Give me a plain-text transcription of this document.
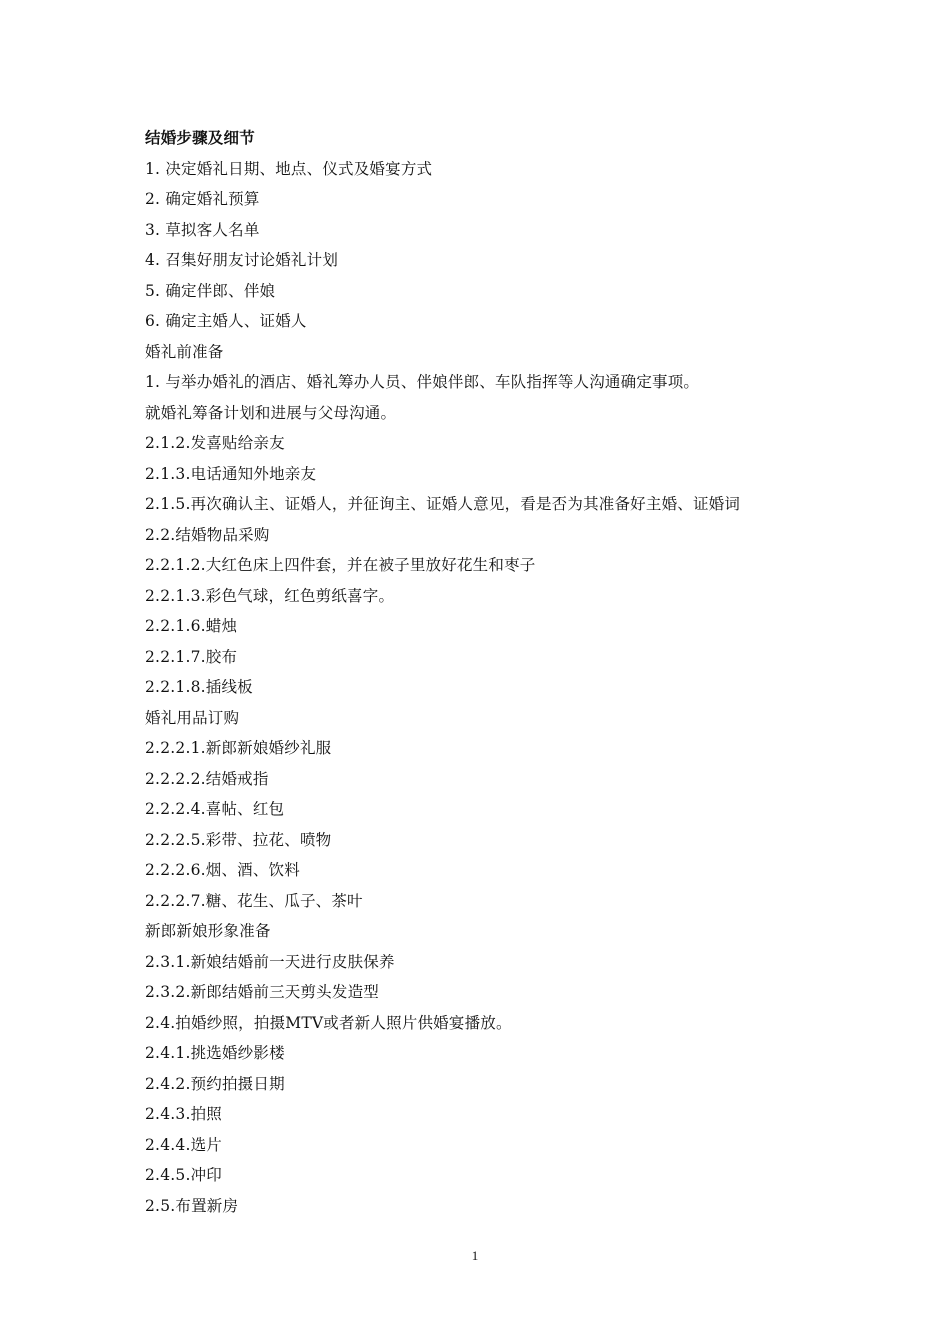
结婚步骤及细节
1. 决定婚礼日期、地点、仪式及婚宴方式
2. 确定婚礼预算
3. 草拟客人名单
4. 召集好朋友讨论婚礼计划
5. 确定伴郎、伴娘
6. 确定主婚人、证婚人
婚礼前准备
1. 与举办婚礼的酒店、婚礼筹办人员、伴娘伴郎、车队指挥等人沟通确定事项。
就婚礼筹备计划和进展与父母沟通。
2.1.2.发喜贴给亲友
2.1.3.电话通知外地亲友
2.1.5.再次确认主、证婚人，并征询主、证婚人意见，看是否为其准备好主婚、证婚词
2.2.结婚物品采购
2.2.1.2.大红色床上四件套，并在被子里放好花生和枣子
2.2.1.3.彩色气球，红色剪纸喜字。
2.2.1.6.蜡烛
2.2.1.7.胶布
2.2.1.8.插线板
婚礼用品订购
2.2.2.1.新郎新娘婚纱礼服
2.2.2.2.结婚戒指
2.2.2.4.喜帖、红包
2.2.2.5.彩带、拉花、喷物
2.2.2.6.烟、酒、饮料
2.2.2.7.糖、花生、瓜子、茶叶
新郎新娘形象准备
2.3.1.新娘结婚前一天进行皮肤保养
2.3.2.新郎结婚前三天剪头发造型
2.4.拍婚纱照，拍摄MTV或者新人照片供婚宴播放。
2.4.1.挑选婚纱影楼
2.4.2.预约拍摄日期
2.4.3.拍照
2.4.4.选片
2.4.5.冲印
2.5.布置新房
1
